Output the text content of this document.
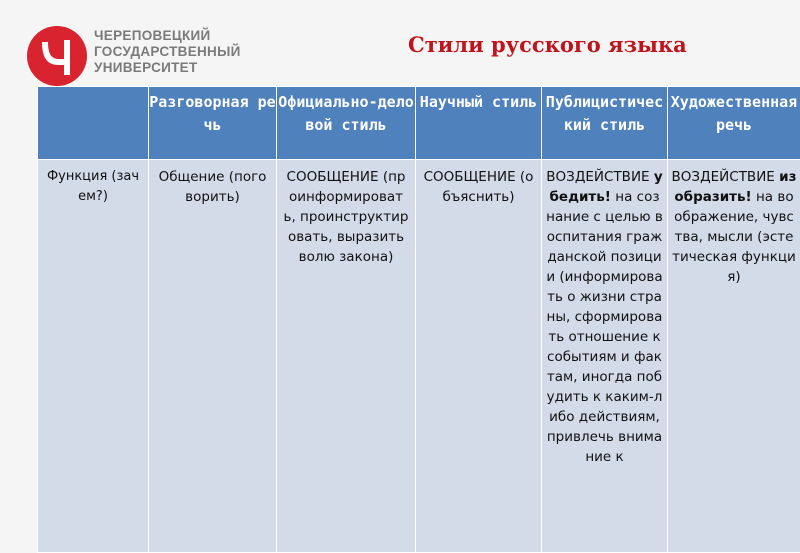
ЧЕРЕПОВЕЦКИЙ
ГОСУДАРСТВЕННЫЙ
УНИВЕРСИТЕТ
Стили русского языка
	Разговорная речь	Официально-деловой стиль	Научный стиль	Публицистический стиль	Художественная речь
Функция (зачем?)	Общение (поговорить)	СООБЩЕНИЕ (проинформировать, проинструктировать, выразить волю закона)	СООБЩЕНИЕ (объяснить)	ВОЗДЕЙСТВИЕ убедить! на сознание с целью воспитания гражданской позиции (информировать о жизни страны, сформировать отношение к событиям и фактам, иногда побудить к каким-либо действиям, привлечь внимание к	ВОЗДЕЙСТВИЕ изобразить! на воображение, чувства, мысли (эстетическая функция)
